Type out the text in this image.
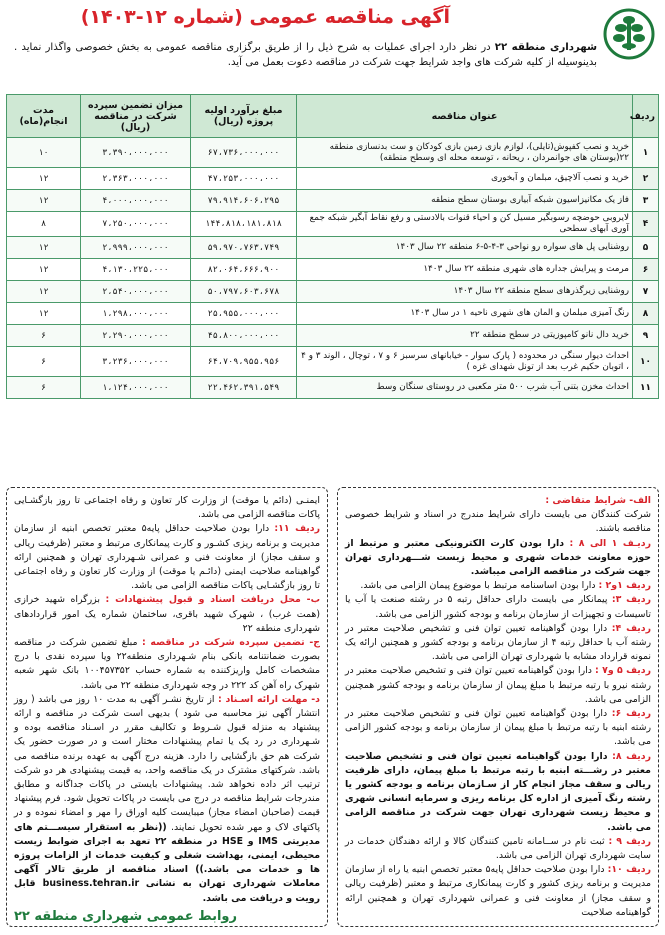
آگهی مناقصه عمومی (شماره ۱۲-۱۴۰۳)
شهرداری منطقه ۲۲ در نظر دارد اجرای عملیات به شرح ذیل را از طریق برگزاری مناقصه عمومی به بخش خصوصی واگذار نماید . بدینوسیله از کلیه شرکت های واجد شرایط جهت شرکت در مناقصه دعوت بعمل می آید.
ردیف	عنوان مناقصه	مبلغ برآورد اولیه پروژه (ریال)	میزان تضمین سپرده شرکت در مناقصه (ریال)	مدت انجام(ماه)
۱	خرید و نصب کفپوش(تایلی)، لوازم بازی زمین بازی کودکان و ست بدنسازی منطقه ۲۲(بوستان های جوانمردان ، ریحانه ، توسعه محله ای وسطح منطقه)	۶۷،۷۳۶،۰۰۰،۰۰۰	۳،۳۹۰،۰۰۰،۰۰۰	۱۰
۲	خرید و نصب آلاچیق، مبلمان و آبخوری	۴۷،۲۵۳،۰۰۰،۰۰۰	۲،۳۶۳،۰۰۰،۰۰۰	۱۲
۳	فاز یک مکانیزاسیون شبکه آبیاری بوستان سطح منطقه	۷۹،۹۱۴،۶۰۶،۲۹۵	۴،۰۰۰،۰۰۰،۰۰۰	۱۲
۴	لایروبی حوضچه رسوبگیر مسیل کن و احیاء قنوات بالادستی و رفع نقاط آبگیر شبکه جمع آوری آبهای سطحی	۱۴۴،۸۱۸،۱۸۱،۸۱۸	۷،۲۵۰،۰۰۰،۰۰۰	۸
۵	روشنایی پل های سواره رو نواحی ۳-۴-۵-۶ منطقه ۲۲ سال ۱۴۰۳	۵۹،۹۷۰،۷۶۳،۷۴۹	۲،۹۹۹،۰۰۰،۰۰۰	۱۲
۶	مرمت و پیرایش جداره های شهری منطقه ۲۲ سال ۱۴۰۳	۸۲،۰۶۴،۶۶۶،۹۰۰	۴،۱۳۰،۲۲۵،۰۰۰	۱۲
۷	روشنایی زیرگذرهای سطح منطقه ۲۲ سال ۱۴۰۳	۵۰،۷۹۷،۶۰۳،۶۷۸	۲،۵۴۰،۰۰۰،۰۰۰	۱۲
۸	رنگ آمیزی مبلمان و المان های شهری ناحیه ۱ در سال ۱۴۰۳	۲۵،۹۵۵،۰۰۰،۰۰۰	۱،۲۹۸،۰۰۰،۰۰۰	۱۲
۹	خرید دال نانو کامپوزیتی در سطح منطقه ۲۲	۴۵،۸۰۰،۰۰۰،۰۰۰	۲،۲۹۰،۰۰۰،۰۰۰	۶
۱۰	احداث دیوار سنگی در محدوده ( پارک سوار - خیابانهای سرسبز ۶ و ۷ ، توچال ، الوند ۳ و ۴ ، اتوبان حکیم غرب بعد از تونل شهدای غزه )	۶۴،۷۰۹،۹۵۵،۹۵۶	۳،۲۳۶،۰۰۰،۰۰۰	۶
۱۱	احداث مخزن بتنی آب شرب ۵۰۰ متر مکعبی در روستای سنگان وسط	۲۲،۴۶۲،۳۹۱،۵۴۹	۱،۱۲۴،۰۰۰،۰۰۰	۶

الف- شرایط متقاضی :

شرکت کنندگان می بایست دارای شرایط مندرج در اسناد و شرایط خصوصی مناقصه باشند.

ردیـف ۱ الی ۸ : دارا بودن کارت الکترونیکی معتبر و مرتبط از حوزه معاونت خدمات شهری و محیط زیست شـــهرداری تهران جهت شرکت در مناقصه الزامی میباشد.

ردیف ۱و۲ : دارا بودن اساسنامه مرتبط با موضوع پیمان الزامی می باشد.

ردیف ۳: پیمانکار می بایست دارای حداقل رتبه ۵ در رشته صنعت یا آب یا تاسیسات و تجهیزات از سازمان برنامه و بودجه کشور الزامی می باشد.

ردیف ۴: دارا بودن گواهینامه تعیین توان فنی و تشخیص صلاحیت معتبر در رشته آب با حداقل رتبه ۴ از سازمان برنامه و بودجه کشور و همچنین ارائه یک نمونه قرارداد مشابه با شهرداری تهران الزامی می باشد.

ردیف ۵ و۷ : دارا بودن گواهینامه تعیین توان فنی و تشخیص صلاحیت معتبر در رشته نیرو با رتبه مرتبط با مبلغ پیمان از سازمان برنامه و بودجه کشور همچنین الزامی می باشد.

ردیف ۶: دارا بودن گواهینامه تعیین توان فنی و تشخیص صلاحیت معتبر در رشته ابنیه با رتبه مرتبط با مبلغ پیمان از سازمان برنامه و بودجه کشور الزامی می باشد.

ردیف ۸: دارا بودن گواهینامه تعیین توان فنی و تشخیص صلاحیت معتبر در رشـــته ابنیه با رتبه مرتبط با مبلغ پیمان، دارای ظرفیت ریالی و سقف مجاز انجام کار از سـازمان برنامه و بودجه کشور یا رشته رنگ آمیزی از اداره کل برنامه ریزی و سرمایه انسانی شهری و محیط زیست شهرداری تهران جهت شرکت در مناقصه الزامی می باشد.

ردیف ۹ : ثبت نام در ســامانه تامین کنندگان کالا و ارائه دهندگان خدمات در سایت شهرداری تهران الزامی می باشد.

ردیف ۱۰: دارا بودن صلاحیت حداقل پایه۵ معتبر تخصص ابنیه یا راه از سازمان مدیریت و برنامه ریزی کشور و کارت پیمانکاری مرتبط و معتبر (ظرفیت ریالی و سقف مجاز) از معاونت فنی و عمرانی شهرداری تهران و همچنین ارائه گواهینامه صلاحیت

ایمنـی (دائم یا موقت) از وزارت کار تعاون و رفاه اجتماعی تا روز بازگشـایی پاکات مناقصه الزامی می باشد.

ردیف ۱۱: دارا بودن صلاحیت حداقل پایه۵ معتبر تخصص ابنیه از سازمان مدیریت و برنامه ریزی کشـور و کارت پیمانکاری مرتبط و معتبر (ظرفیت ریالی و سقف مجاز) از معاونت فنی و عمرانی شـهرداری تهران و همچنین ارائه گواهینامه صلاحیت ایمنی (دائـم یا موقت) از وزارت کار تعاون و رفاه اجتماعی تا روز بازگشـایی پاکات مناقصه الزامی می باشد.

ب- محل دریافت اسناد و قبول پیشنهادات : بزرگراه شهید خرازی (همت غرب) ، شهرک شهید باقری، ساختمان شماره یک امور قراردادهای شهرداری منطقه ۲۲

ج- تضمین سپرده شرکت در مناقصه : مبلغ تضمین شرکت در مناقصه بصورت ضمانتنامه بانکی بنام شـهرداری منطقه۲۲ ویا سپرده نقدی با درج مشخصات کامل واریزکننده به شماره حساب ۱۰۰۴۵۷۳۵۲ بانک شهر شعبه شهرک راه آهن کد ۲۲۲ در وجه شهرداری منطقه ۲۲ می باشد.

د- مهلت ارائه اسـناد : از تاریخ نشـر آگهی به مدت ۱۰ روز می باشد ( روز انتشار آگهی نیز محاسبه می شود ) بدیهی است شرکت در مناقصه و ارائه پیشنهاد به منزله قبول شـروط و تکالیف مقرر در اسـناد مناقصه بوده و شـهرداری در رد یک یا تمام پیشنهادات مختار است و در صورت حضور یک شرکت هم حق بازگشایی را دارد. هزینه درج آگهی به عهده برنده مناقصه می باشد. شرکتهای مشترک در یک مناقصه واحد، به قیمت پیشنهادی هر دو شرکت ترتیب اثر داده نخواهد شد. پیشنهادات بایستی در پاکات جداگانه و مطابق مندرجات شرایط مناقصه در درج می بایست در پاکات تحویل شود. فرم پیشنهاد قیمت (صاحبان امضاء مجاز) میبایست کلیه اوراق را مهر و امضاء نموده و در پاکتهای لاک و مهر شده تحویل نمایند. ((نظر به استقرار سیســـتم های مدیریتی IMS و HSE در منطقه ۲۲ تعهد به اجرای ضوابط زیست محیطی، ایمنی، بهداشت شغلی و کیفیت خدمات از الزامات پروژه ها و خدمات می باشد.)) اسناد مناقصه از طریق تالار آگهی معاملات شهرداری تهران به نشانی business.tehran.ir قابل رویت و دریافت می باشد.

روابط عمومی شهرداری منطقه ۲۲
